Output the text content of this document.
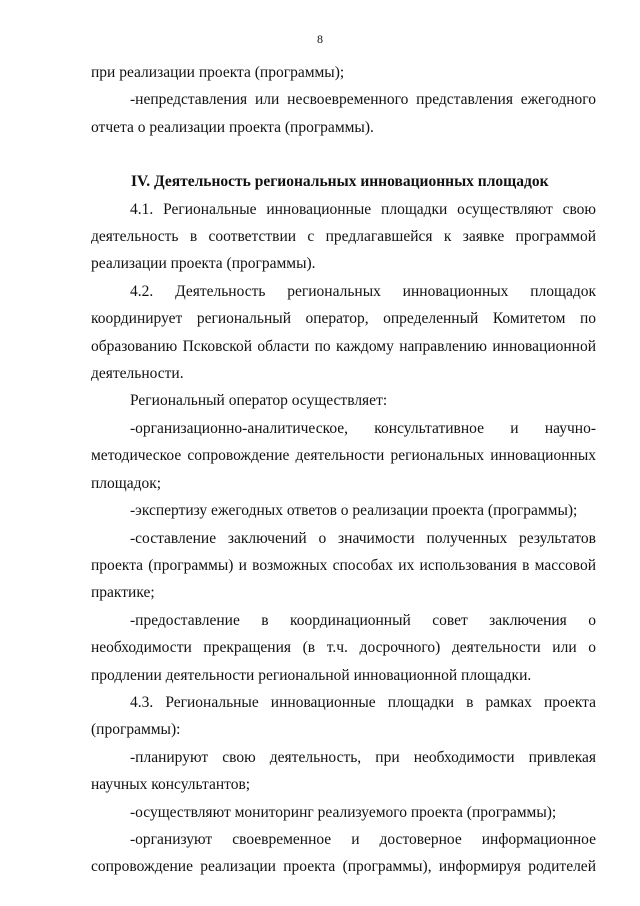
8

при реализации проекта (программы);

-непредставления или несвоевременного представления ежегодного отчета о реализации проекта (программы).

IV. Деятельность региональных инновационных площадок

4.1. Региональные инновационные площадки осуществляют свою деятельность в соответствии с предлагавшейся к заявке программой реализации проекта (программы).

4.2. Деятельность региональных инновационных площадок координирует региональный оператор, определенный Комитетом по образованию Псковской области по каждому направлению инновационной деятельности.

Региональный оператор осуществляет:

-организационно-аналитическое, консультативное и научно-методическое сопровождение деятельности региональных инновационных площадок;

-экспертизу ежегодных ответов о реализации проекта (программы);

-составление заключений о значимости полученных результатов проекта (программы) и возможных способах их использования в массовой практике;

-предоставление в координационный совет заключения о необходимости прекращения (в т.ч. досрочного) деятельности или о продлении деятельности региональной инновационной площадки.

4.3. Региональные инновационные площадки в рамках проекта (программы):

-планируют свою деятельность, при необходимости привлекая научных консультантов;

-осуществляют мониторинг реализуемого проекта (программы);

-организуют своевременное и достоверное информационное сопровождение реализации проекта (программы), информируя родителей
